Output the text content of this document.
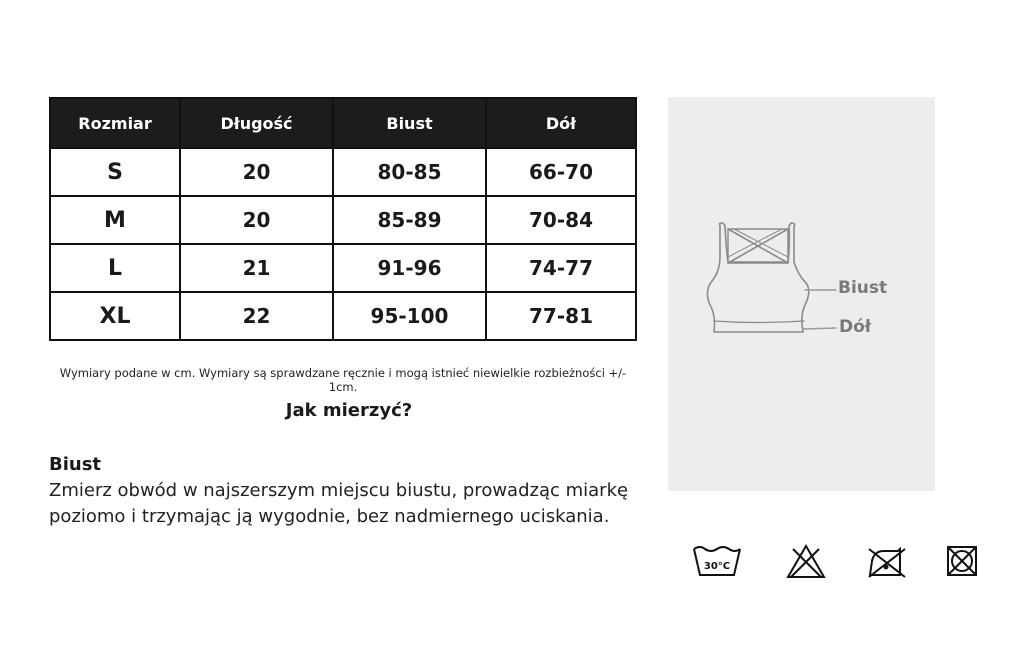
Rozmiar	Długość	Biust	Dół
S	20	80-85	66-70
M	20	85-89	70-84
L	21	91-96	74-77
XL	22	95-100	77-81
Wymiary podane w cm. Wymiary są sprawdzane ręcznie i mogą istnieć niewielkie rozbieżności +/- 1cm.
Jak mierzyć?
Biust
Zmierz obwód w najszerszym miejscu biustu, prowadząc miarkę poziomo i trzymając ją wygodnie, bez nadmiernego uciskania.
Biust
Dół
30°C
